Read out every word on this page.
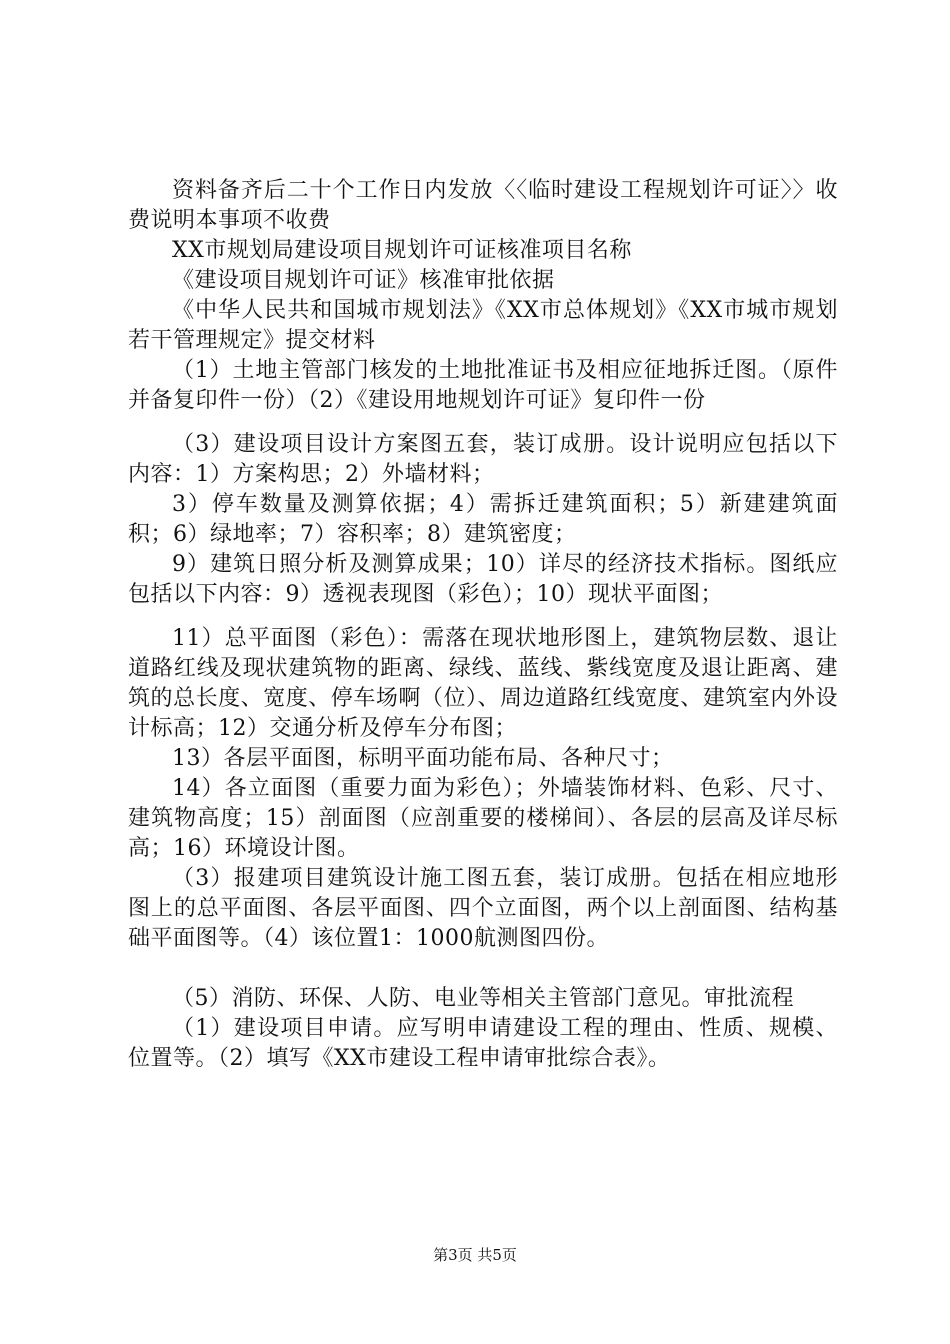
资料备齐后二十个工作日内发放〈〈临时建设工程规划许可证〉〉收费说明本事项不收费

XX市规划局建设项目规划许可证核准项目名称

《建设项目规划许可证》核准审批依据

《中华人民共和国城市规划法》《XX市总体规划》《XX市城市规划若干管理规定》提交材料

（1）土地主管部门核发的土地批准证书及相应征地拆迁图。（原件并备复印件一份）（2）《建设用地规划许可证》复印件一份

（3）建设项目设计方案图五套，装订成册。设计说明应包括以下内容：1）方案构思；2）外墙材料；

3）停车数量及测算依据；4）需拆迁建筑面积；5）新建建筑面积；6）绿地率；7）容积率；8）建筑密度；

9）建筑日照分析及测算成果；10）详尽的经济技术指标。图纸应包括以下内容：9）透视表现图（彩色）；10）现状平面图；

11）总平面图（彩色）：需落在现状地形图上，建筑物层数、退让道路红线及现状建筑物的距离、绿线、蓝线、紫线宽度及退让距离、建筑的总长度、宽度、停车场啊（位）、周边道路红线宽度、建筑室内外设计标高；12）交通分析及停车分布图；

13）各层平面图，标明平面功能布局、各种尺寸；

14）各立面图（重要力面为彩色）；外墙装饰材料、色彩、尺寸、建筑物高度；15）剖面图（应剖重要的楼梯间）、各层的层高及详尽标高；16）环境设计图。

（3）报建项目建筑设计施工图五套，装订成册。包括在相应地形图上的总平面图、各层平面图、四个立面图，两个以上剖面图、结构基础平面图等。（4）该位置1：1000航测图四份。

（5）消防、环保、人防、电业等相关主管部门意见。审批流程

（1）建设项目申请。应写明申请建设工程的理由、性质、规模、位置等。（2）填写《XX市建设工程申请审批综合表》。

第3页 共5页
